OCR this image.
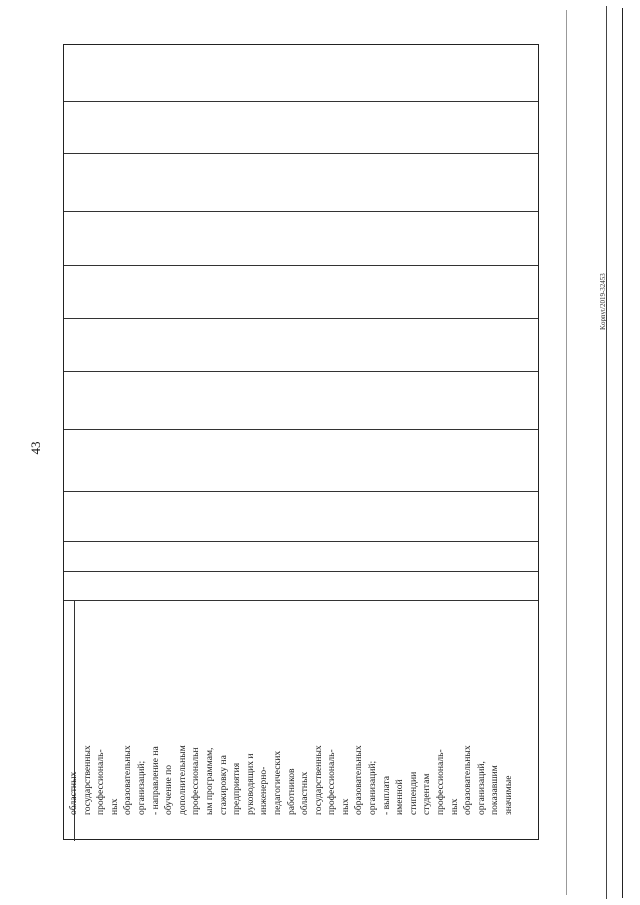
43
областных
государственных
профессиональ-
ных
образовательных
организаций;
- направление на
обучение по
дополнительным
профессиональн
ым программам,
стажировку на
предприятия
руководящих и
инженерно-
педагогических
работников
областных
государственных
профессиональ-
ных
образовательных
организаций;
- выплата
именной
стипендии
студентам
профессиональ-
ных
образовательных
организаций,
показавшим
значимые
Kopnyt/2019-32453
